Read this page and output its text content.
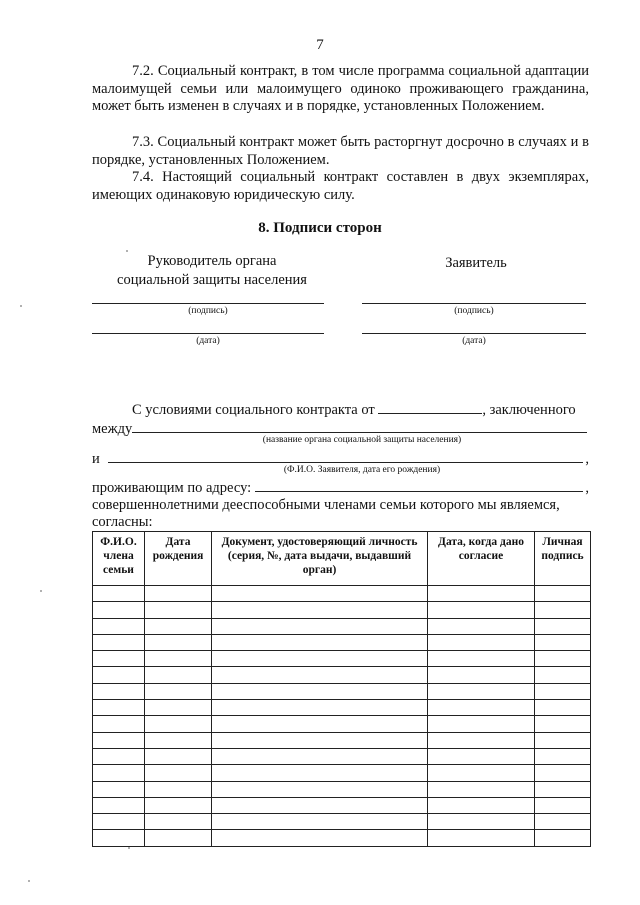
7

7.2. Социальный контракт, в том числе программа социальной адаптации малоимущей семьи или малоимущего одиноко проживающего гражданина, может быть изменен в случаях и в порядке, установленных Положением.

7.3. Социальный контракт может быть расторгнут досрочно в случаях и в порядке, установленных Положением.

7.4. Настоящий социальный контракт составлен в двух экземплярах, имеющих одинаковую юридическую силу.

8. Подписи сторон
Руководитель органа
социальной защиты населения
(подпись)
(дата)
Заявитель
(подпись)
(дата)
С условиями социального контракта от	, заключенного
между
(название органа социальной защиты населения)
и	,
(Ф.И.О. Заявителя, дата его рождения)
проживающим по адресу:	,
совершеннолетними дееспособными членами семьи которого мы являемся,
согласны:
Ф.И.О. члена семьи	Дата рождения	Документ, удостоверяющий личность (серия, №, дата выдачи, выдавший орган)	Дата, когда дано согласие	Личная подпись
